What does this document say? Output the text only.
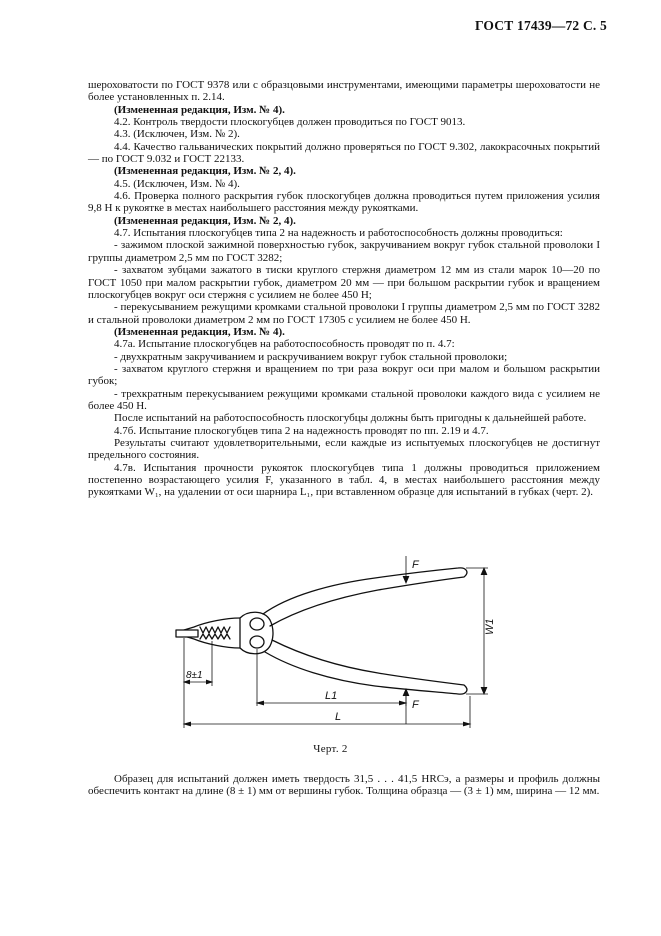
ГОСТ 17439—72 С. 5

шероховатости по ГОСТ 9378 или с образцовыми инструментами, имеющими параметры шероховатости не более установленных п. 2.14.

(Измененная редакция, Изм. № 4).

4.2. Контроль твердости плоскогубцев должен проводиться по ГОСТ 9013.

4.3. (Исключен, Изм. № 2).

4.4. Качество гальванических покрытий должно проверяться по ГОСТ 9.302, лакокрасочных покрытий — по ГОСТ 9.032 и ГОСТ 22133.

(Измененная редакция, Изм. № 2, 4).

4.5. (Исключен, Изм. № 4).

4.6. Проверка полного раскрытия губок плоскогубцев должна проводиться путем приложения усилия 9,8 Н к рукоятке в местах наибольшего расстояния между рукоятками.

(Измененная редакция, Изм. № 2, 4).

4.7. Испытания плоскогубцев типа 2 на надежность и работоспособность должны проводиться:

- зажимом плоской зажимной поверхностью губок, закручиванием вокруг губок стальной проволоки I группы диаметром 2,5 мм по ГОСТ 3282;

- захватом зубцами зажатого в тиски круглого стержня диаметром 12 мм из стали марок 10—20 по ГОСТ 1050 при малом раскрытии губок, диаметром 20 мм — при большом раскрытии губок и вращением плоскогубцев вокруг оси стержня с усилием не более 450 Н;

- перекусыванием режущими кромками стальной проволоки I группы диаметром 2,5 мм по ГОСТ 3282 и стальной проволоки диаметром 2 мм по ГОСТ 17305 с усилием не более 450 Н.

(Измененная редакция, Изм. № 4).

4.7а. Испытание плоскогубцев на работоспособность проводят по п. 4.7:

- двухкратным закручиванием и раскручиванием вокруг губок стальной проволоки;

- захватом круглого стержня и вращением по три раза вокруг оси при малом и большом раскрытии губок;

- трехкратным перекусыванием режущими кромками стальной проволоки каждого вида с усилием не более 450 Н.

После испытаний на работоспособность плоскогубцы должны быть пригодны к дальнейшей работе.

4.7б. Испытание плоскогубцев типа 2 на надежность проводят по пп. 2.19 и 4.7.

Результаты считают удовлетворительными, если каждые из испытуемых плоскогубцев не достигнут предельного состояния.

4.7в. Испытания прочности рукояток плоскогубцев типа 1 должны проводиться приложением постепенно возрастающего усилия F, указанного в табл. 4, в местах наибольшего расстояния между рукоятками W₁, на удалении от оси шарнира L₁, при вставленном образце для испытаний в губках (черт. 2).

F
F
W1
8±1
L1
L
Черт. 2

Образец для испытаний должен иметь твердость 31,5 . . . 41,5 HRCэ, а размеры и профиль должны обеспечить контакт на длине (8 ± 1) мм от вершины губок. Толщина образца — (3 ± 1) мм, ширина — 12 мм.
